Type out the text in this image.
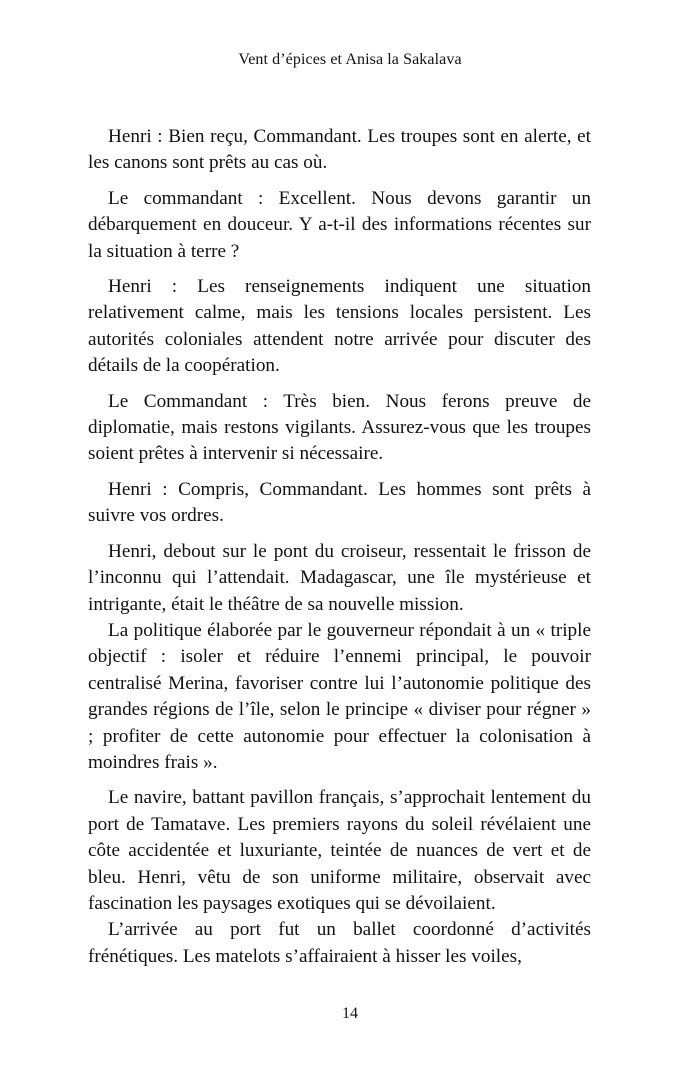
Vent d’épices et Anisa la Sakalava

Henri : Bien reçu, Commandant. Les troupes sont en alerte, et les canons sont prêts au cas où.

Le commandant : Excellent. Nous devons garantir un débarquement en douceur. Y a-t-il des informations récentes sur la situation à terre ?

Henri : Les renseignements indiquent une situation relativement calme, mais les tensions locales persistent. Les autorités coloniales attendent notre arrivée pour discuter des détails de la coopération.

Le Commandant : Très bien. Nous ferons preuve de diplomatie, mais restons vigilants. Assurez-vous que les troupes soient prêtes à intervenir si nécessaire.

Henri : Compris, Commandant. Les hommes sont prêts à suivre vos ordres.

Henri, debout sur le pont du croiseur, ressentait le frisson de l’inconnu qui l’attendait. Madagascar, une île mystérieuse et intrigante, était le théâtre de sa nouvelle mission.

La politique élaborée par le gouverneur répondait à un « triple objectif : isoler et réduire l’ennemi principal, le pouvoir centralisé Merina, favoriser contre lui l’autonomie politique des grandes régions de l’île, selon le principe « diviser pour régner » ; profiter de cette autonomie pour effectuer la colonisation à moindres frais ».

Le navire, battant pavillon français, s’approchait lentement du port de Tamatave. Les premiers rayons du soleil révélaient une côte accidentée et luxuriante, teintée de nuances de vert et de bleu. Henri, vêtu de son uniforme militaire, observait avec fascination les paysages exotiques qui se dévoilaient.

L’arrivée au port fut un ballet coordonné d’activités frénétiques. Les matelots s’affairaient à hisser les voiles,

14
